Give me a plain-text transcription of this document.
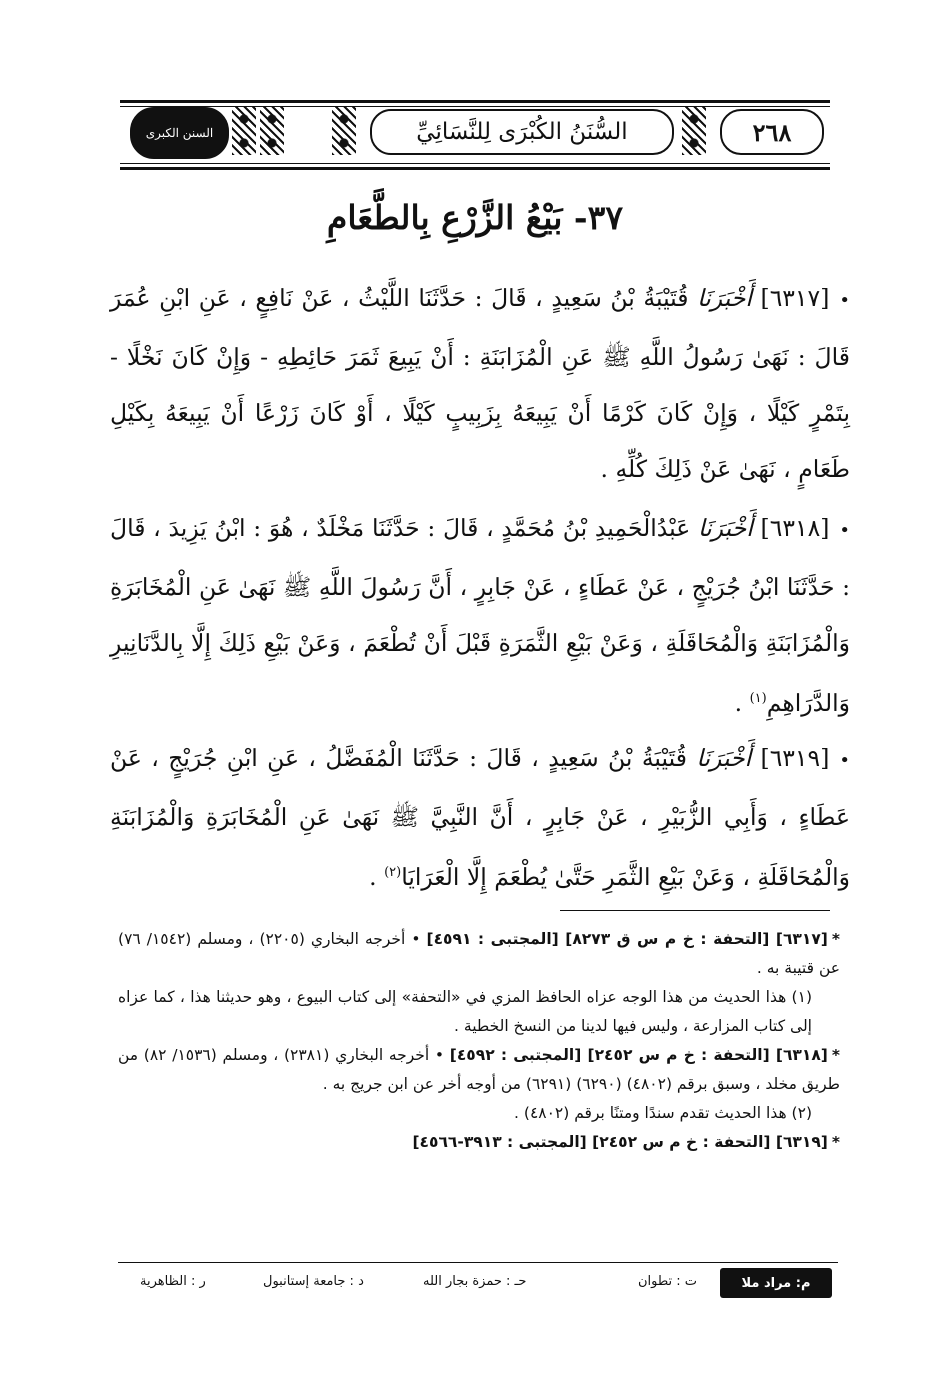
السنن الكبرى	السُّنَنُ الكُبْرَى لِلنَّسَائِيِّ	٢٦٨
٣٧- بَيْعُ الزَّرْعِ بِالطَّعَامِ
•[٦٣١٧] أَخْبَرَنَا قُتَيْبَةُ بْنُ سَعِيدٍ ، قَالَ : حَدَّثَنَا اللَّيْثُ ، عَنْ نَافِعٍ ، عَنِ ابْنِ عُمَرَ قَالَ : نَهَىٰ رَسُولُ اللَّهِ ﷺ عَنِ الْمُزَابَنَةِ : أَنْ يَبِيعَ ثَمَرَ حَائِطِهِ - وَإِنْ كَانَ نَخْلًا - بِتَمْرٍ كَيْلًا ، وَإِنْ كَانَ كَرْمًا أَنْ يَبِيعَهُ بِزَبِيبٍ كَيْلًا ، أَوْ كَانَ زَرْعًا أَنْ يَبِيعَهُ بِكَيْلِ طَعَامٍ ، نَهَىٰ عَنْ ذَلِكَ كُلِّهِ .
•[٦٣١٨] أَخْبَرَنَا عَبْدُالْحَمِيدِ بْنُ مُحَمَّدٍ ، قَالَ : حَدَّثَنَا مَخْلَدٌ ، هُوَ : ابْنُ يَزِيدَ ، قَالَ : حَدَّثَنَا ابْنُ جُرَيْجٍ ، عَنْ عَطَاءٍ ، عَنْ جَابِرٍ ، أَنَّ رَسُولَ اللَّهِ ﷺ نَهَىٰ عَنِ الْمُخَابَرَةِ وَالْمُزَابَنَةِ وَالْمُحَاقَلَةِ ، وَعَنْ بَيْعِ الثَّمَرَةِ قَبْلَ أَنْ تُطْعَمَ ، وَعَنْ بَيْعِ ذَلِكَ إِلَّا بِالدَّنَانِيرِ وَالدَّرَاهِمِ$^{(١)}$ .
•[٦٣١٩] أَخْبَرَنَا قُتَيْبَةُ بْنُ سَعِيدٍ ، قَالَ : حَدَّثَنَا الْمُفَضَّلُ ، عَنِ ابْنِ جُرَيْجٍ ، عَنْ عَطَاءٍ ، وَأَبِي الزُّبَيْرِ ، عَنْ جَابِرٍ ، أَنَّ النَّبِيَّ ﷺ نَهَىٰ عَنِ الْمُخَابَرَةِ وَالْمُزَابَنَةِ وَالْمُحَاقَلَةِ ، وَعَنْ بَيْعِ الثَّمَرِ حَتَّىٰ يُطْعَمَ إِلَّا الْعَرَايَا$^{(٢)}$ .

*[٦٣١٧] [التحفة : خ م س ق ٨٢٧٣] [المجتبى : ٤٥٩١] • أخرجه البخاري (٢٢٠٥) ، ومسلم (١٥٤٢/ ٧٦) عن قتيبة به .

(١) هذا الحديث من هذا الوجه عزاه الحافظ المزي في «التحفة» إلى كتاب البيوع ، وهو حديثنا هذا ، كما عزاه إلى كتاب المزارعة ، وليس فيها لدينا من النسخ الخطية .

*[٦٣١٨] [التحفة : خ م س ٢٤٥٢] [المجتبى : ٤٥٩٢] • أخرجه البخاري (٢٣٨١) ، ومسلم (١٥٣٦/ ٨٢) من طريق مخلد ، وسبق برقم (٤٨٠٢) (٦٢٩٠) (٦٢٩١) من أوجه أخر عن ابن جريج به .

(٢) هذا الحديث تقدم سندًا ومتنًا برقم (٤٨٠٢) .

*[٦٣١٩] [التحفة : خ م س ٢٤٥٢] [المجتبى : ٣٩١٣-٤٥٦٦]

ر : الظاهرية	د : جامعة إستانبول	حـ : حمزة بجار الله	ت : تطوان	م: مراد ملا
